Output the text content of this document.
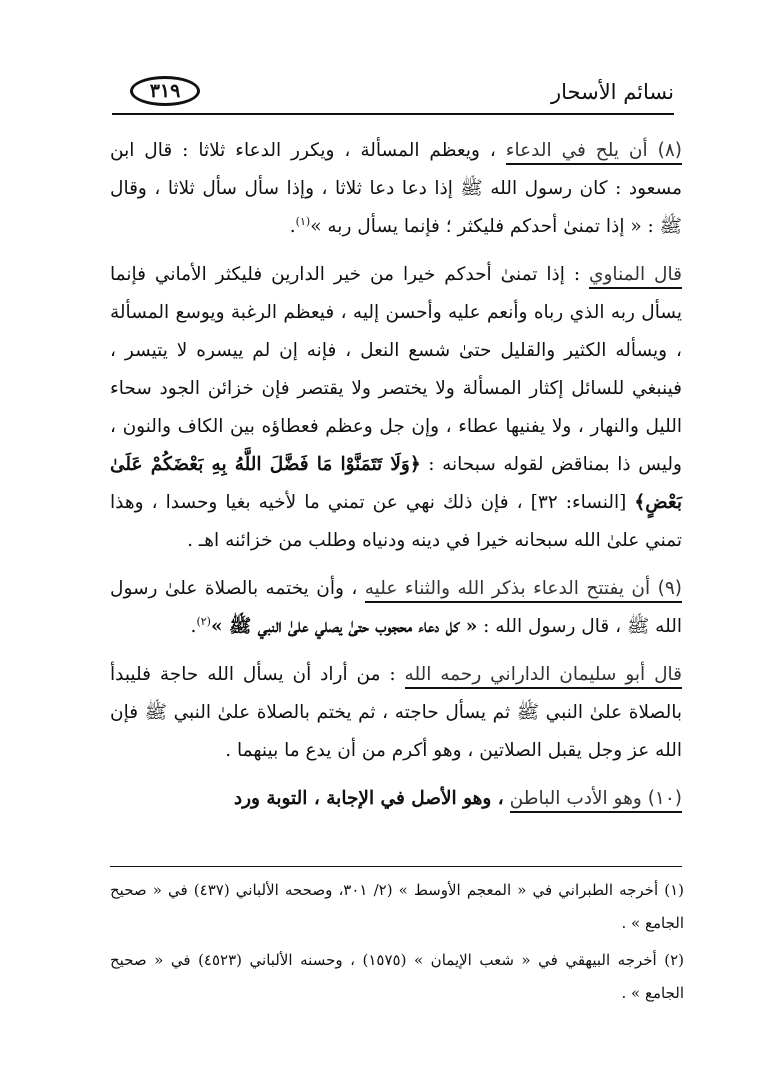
نسائم الأسحار
٣١٩

(٨) أن يلح في الدعاء ، ويعظم المسألة ، ويكرر الدعاء ثلاثا : قال ابن مسعود : كان رسول الله ﷺ إذا دعا دعا ثلاثا ، وإذا سأل سأل ثلاثا ، وقال ﷺ : « إذا تمنىٰ أحدكم فليكثر ؛ فإنما يسأل ربه »$^{(١)}$.

قال المناوي : إذا تمنىٰ أحدكم خيرا من خير الدارين فليكثر الأماني فإنما يسأل ربه الذي رباه وأنعم عليه وأحسن إليه ، فيعظم الرغبة ويوسع المسألة ، ويسأله الكثير والقليل حتىٰ شسع النعل ، فإنه إن لم ييسره لا يتيسر ، فينبغي للسائل إكثار المسألة ولا يختصر ولا يقتصر فإن خزائن الجود سحاء الليل والنهار ، ولا يفنيها عطاء ، وإن جل وعظم فعطاؤه بين الكاف والنون ، وليس ذا بمناقض لقوله سبحانه : ﴿وَلَا تَتَمَنَّوْا مَا فَضَّلَ اللَّهُ بِهِ بَعْضَكُمْ عَلَىٰ بَعْضٍ﴾ [النساء: ٣٢] ، فإن ذلك نهي عن تمني ما لأخيه بغيا وحسدا ، وهذا تمني علىٰ الله سبحانه خيرا في دينه ودنياه وطلب من خزائنه اهـ .

(٩) أن يفتتح الدعاء بذكر الله والثناء عليه ، وأن يختمه بالصلاة علىٰ رسول الله ﷺ ، قال رسول الله : « كل دعاء محجوب حتىٰ يصلي علىٰ النبي ﷺ »$^{(٢)}$.

قال أبو سليمان الداراني رحمه الله : من أراد أن يسأل الله حاجة فليبدأ بالصلاة علىٰ النبي ﷺ ثم يسأل حاجته ، ثم يختم بالصلاة علىٰ النبي ﷺ فإن الله عز وجل يقبل الصلاتين ، وهو أكرم من أن يدع ما بينهما .

(١٠) وهو الأدب الباطن ، وهو الأصل في الإجابة ، التوبة ورد

(١) أخرجه الطبراني في « المعجم الأوسط » (٢/ ٣٠١، وصححه الألباني (٤٣٧) في « صحيح الجامع » .

(٢) أخرجه البيهقي في « شعب الإيمان » (١٥٧٥) ، وحسنه الألباني (٤٥٢٣) في « صحيح الجامع » .
